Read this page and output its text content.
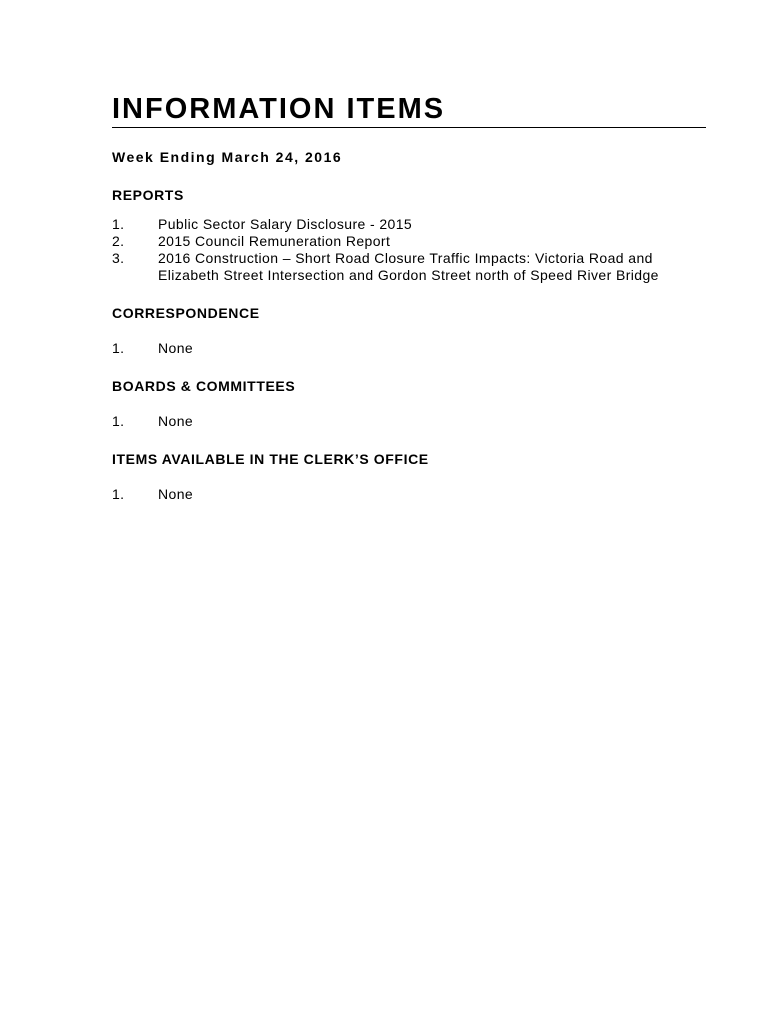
INFORMATION ITEMS
Week Ending March 24, 2016
REPORTS
1.	Public Sector Salary Disclosure - 2015
2.	2015 Council Remuneration Report
3.	2016 Construction – Short Road Closure Traffic Impacts: Victoria Road and Elizabeth Street Intersection and Gordon Street north of Speed River Bridge
CORRESPONDENCE
1.	None
BOARDS & COMMITTEES
1.	None
ITEMS AVAILABLE IN THE CLERK’S OFFICE
1.	None
